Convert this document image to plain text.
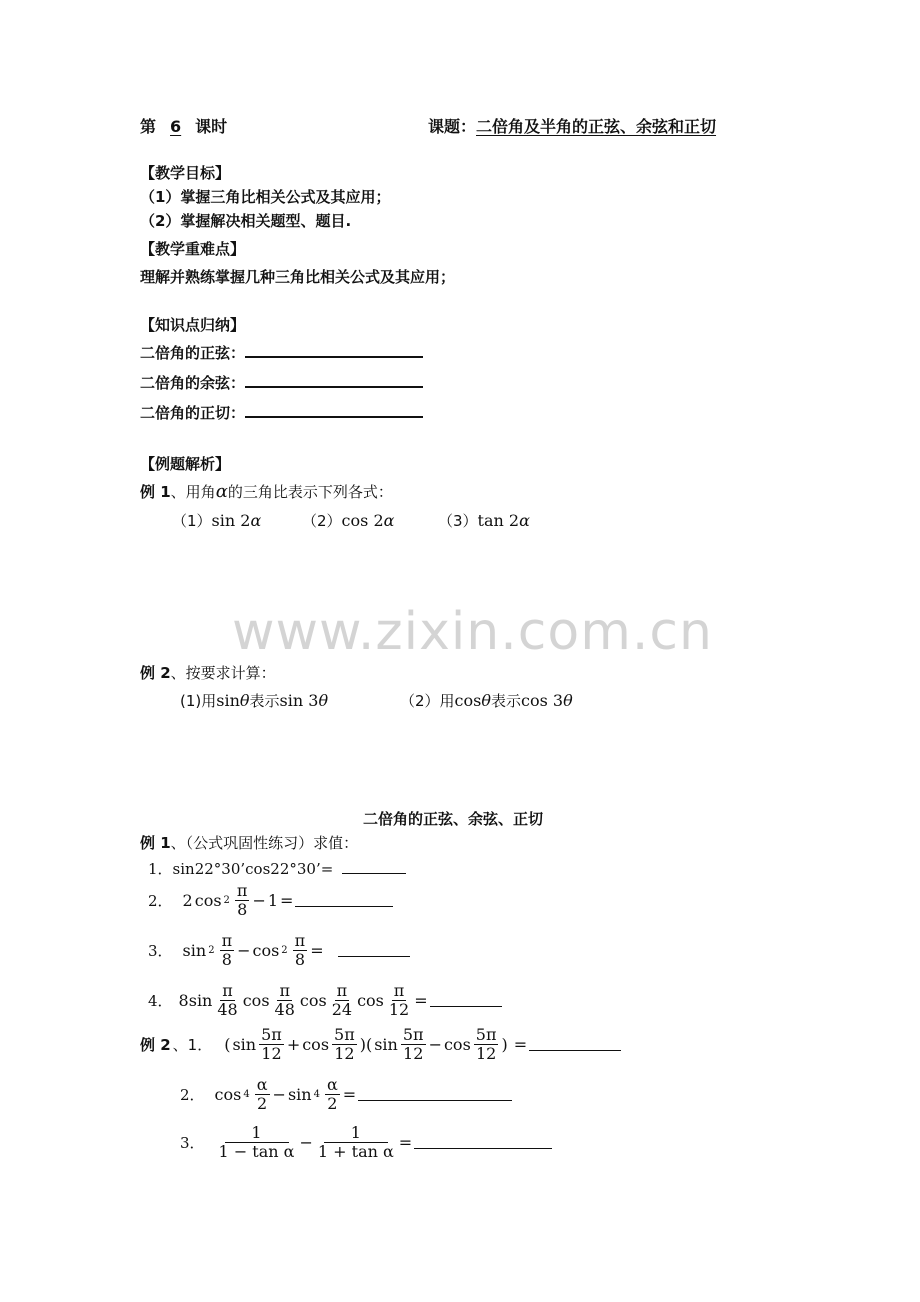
第 6 课时	课题：二倍角及半角的正弦、余弦和正切
【教学目标】
（1）掌握三角比相关公式及其应用；
（2）掌握解决相关题型、题目.
【教学重难点】
理解并熟练掌握几种三角比相关公式及其应用；
【知识点归纳】
二倍角的正弦：
二倍角的余弦：
二倍角的正切：
【例题解析】
例 1、用角α的三角比表示下列各式：
（1）sin 2α	（2）cos 2α	（3）tan 2α
www.zixin.com.cn
例 2、按要求计算：
(1)用sinθ表示sin 3θ	（2）用cosθ表示cos 3θ
二倍角的正弦、余弦、正切
例 1、（公式巩固性练习）求值：
1．sin22°30’cos22°30’=
2． 2 $\cos 2 \frac{\pi}{8} - 1$ =
3． $\sin 2 \frac{\pi}{8} - \cos 2 \frac{\pi}{8}$ =
4． $8\sin \frac{\pi}{48}$ $\cos \frac{\pi}{48}$ $\cos \frac{\pi}{24}$ $\cos \frac{\pi}{12}$ =
例 2 、1． ( $\sin \frac{5\pi}{12} + \cos \frac{5\pi}{12}$ )( $\sin \frac{5\pi}{12} - \cos \frac{5\pi}{12}$ ) =
2． $\cos 4 \frac{\alpha}{2} - \sin 4 \frac{\alpha}{2}$ =
3． $\frac{1}{\text{1 − tan α}} - \frac{1}{\text{1 + tan α}}$ =
